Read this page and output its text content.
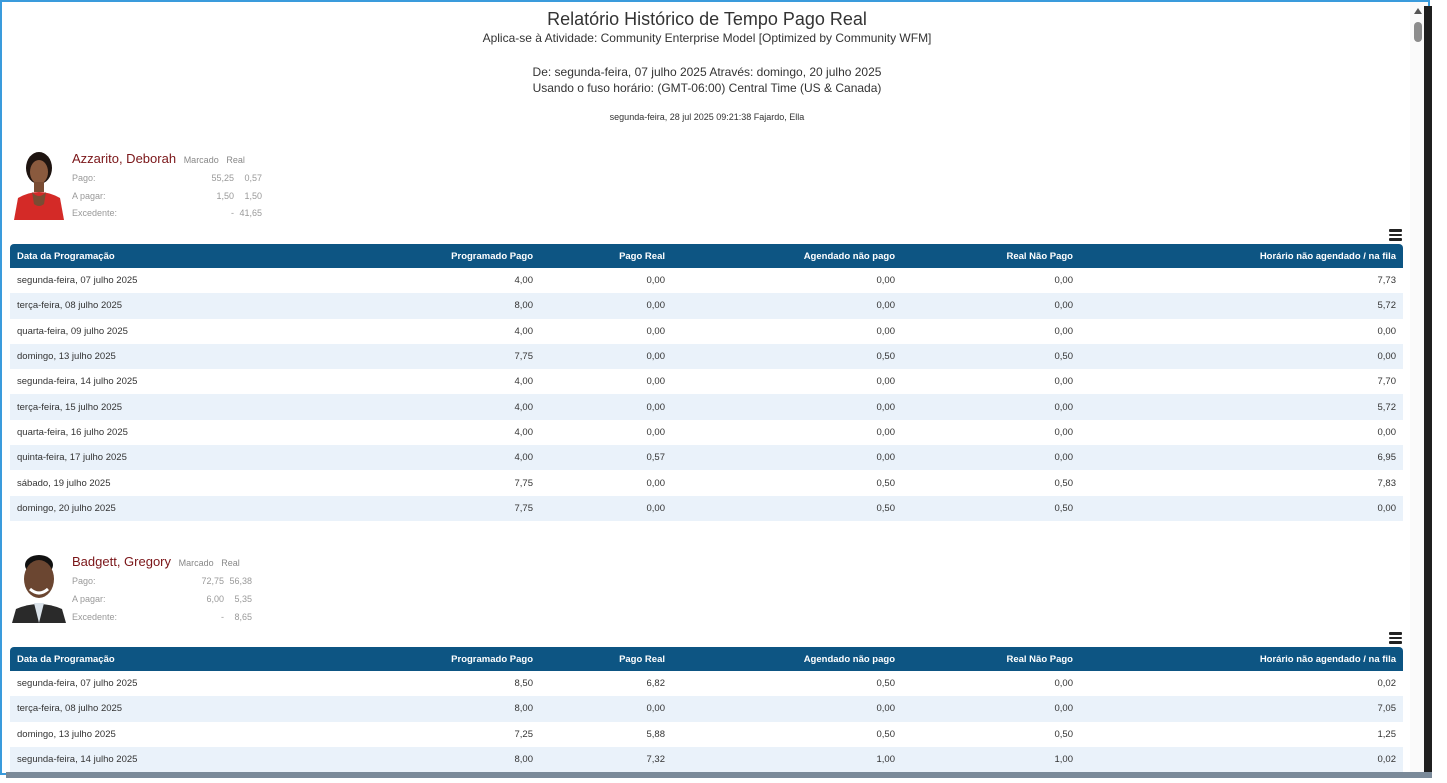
Relatório Histórico de Tempo Pago Real
Aplica-se à Atividade: Community Enterprise Model [Optimized by Community WFM]
De: segunda-feira, 07 julho 2025 Através: domingo, 20 julho 2025
Usando o fuso horário: (GMT-06:00) Central Time (US & Canada)
segunda-feira, 28 jul 2025 09:21:38 Fajardo, Ella
Azzarito, Deborah Marcado Real
Pago:	55,25 0,57
A pagar:	1,50 1,50
Excedente:	- 41,65
Data da Programação	Programado Pago	Pago Real	Agendado não pago	Real Não Pago	Horário não agendado / na fila
segunda-feira, 07 julho 2025	4,00	0,00	0,00	0,00	7,73
terça-feira, 08 julho 2025	8,00	0,00	0,00	0,00	5,72
quarta-feira, 09 julho 2025	4,00	0,00	0,00	0,00	0,00
domingo, 13 julho 2025	7,75	0,00	0,50	0,50	0,00
segunda-feira, 14 julho 2025	4,00	0,00	0,00	0,00	7,70
terça-feira, 15 julho 2025	4,00	0,00	0,00	0,00	5,72
quarta-feira, 16 julho 2025	4,00	0,00	0,00	0,00	0,00
quinta-feira, 17 julho 2025	4,00	0,57	0,00	0,00	6,95
sábado, 19 julho 2025	7,75	0,00	0,50	0,50	7,83
domingo, 20 julho 2025	7,75	0,00	0,50	0,50	0,00
Badgett, Gregory Marcado Real
Pago:	72,75 56,38
A pagar:	6,00 5,35
Excedente:	- 8,65
Data da Programação	Programado Pago	Pago Real	Agendado não pago	Real Não Pago	Horário não agendado / na fila
segunda-feira, 07 julho 2025	8,50	6,82	0,50	0,00	0,02
terça-feira, 08 julho 2025	8,00	0,00	0,00	0,00	7,05
domingo, 13 julho 2025	7,25	5,88	0,50	0,50	1,25
segunda-feira, 14 julho 2025	8,00	7,32	1,00	1,00	0,02
